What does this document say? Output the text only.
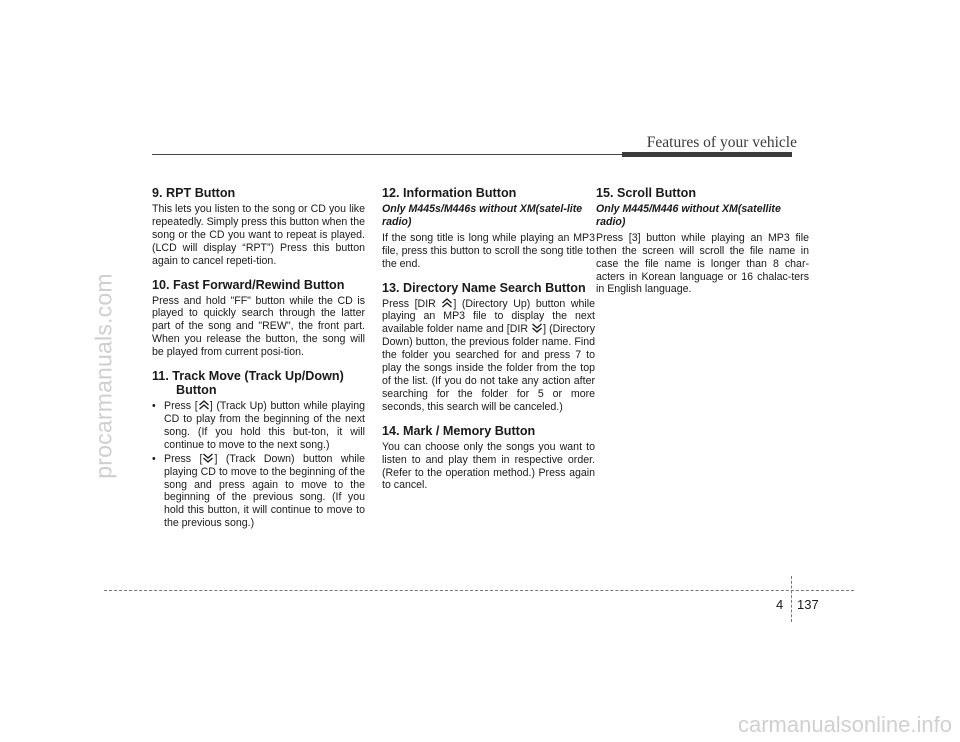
procarmanuals.com
carmanualsonline.info
Features of your vehicle
9. RPT Button

This lets you listen to the song or CD you like repeatedly. Simply press this button when the song or the CD you want to repeat is played.(LCD will display “RPT”) Press this button again to cancel repeti-tion.

10. Fast Forward/Rewind Button

Press and hold "FF" button while the CD is played to quickly search through the latter part of the song and "REW", the front part. When you release the button, the song will be played from current posi-tion.

11. Track Move (Track Up/Down) Button
• Press [ ] (Track Up) button while playing CD to play from the beginning of the next song. (If you hold this but-ton, it will continue to move to the next song.)
• Press [ ] (Track Down) button while playing CD to move to the beginning of the song and press again to move to the beginning of the previous song. (If you hold this button, it will continue to move to the previous song.)
12. Information Button
Only M445s/M446s without XM(satel-lite radio)

If the song title is long while playing an MP3 file, press this button to scroll the song title to the end.

13. Directory Name Search Button

Press [DIR
] (Directory Up) button while playing an MP3 file to display the next available folder name and [DIR
] (Directory Down) button, the previous folder name. Find the folder you searched for and press 7 to play the songs inside the folder from the top of the list. (If you do not take any action after searching for the folder for 5 or more seconds, this search will be canceled.)

14. Mark / Memory Button

You can choose only the songs you want to listen to and play them in respective order. (Refer to the operation method.) Press again to cancel.

15. Scroll Button
Only M445/M446 without XM(satellite radio)

Press [3] button while playing an MP3 file then the screen will scroll the file name in case the file name is longer than 8 char-acters in Korean language or 16 chalac-ters in English language.

4 137
